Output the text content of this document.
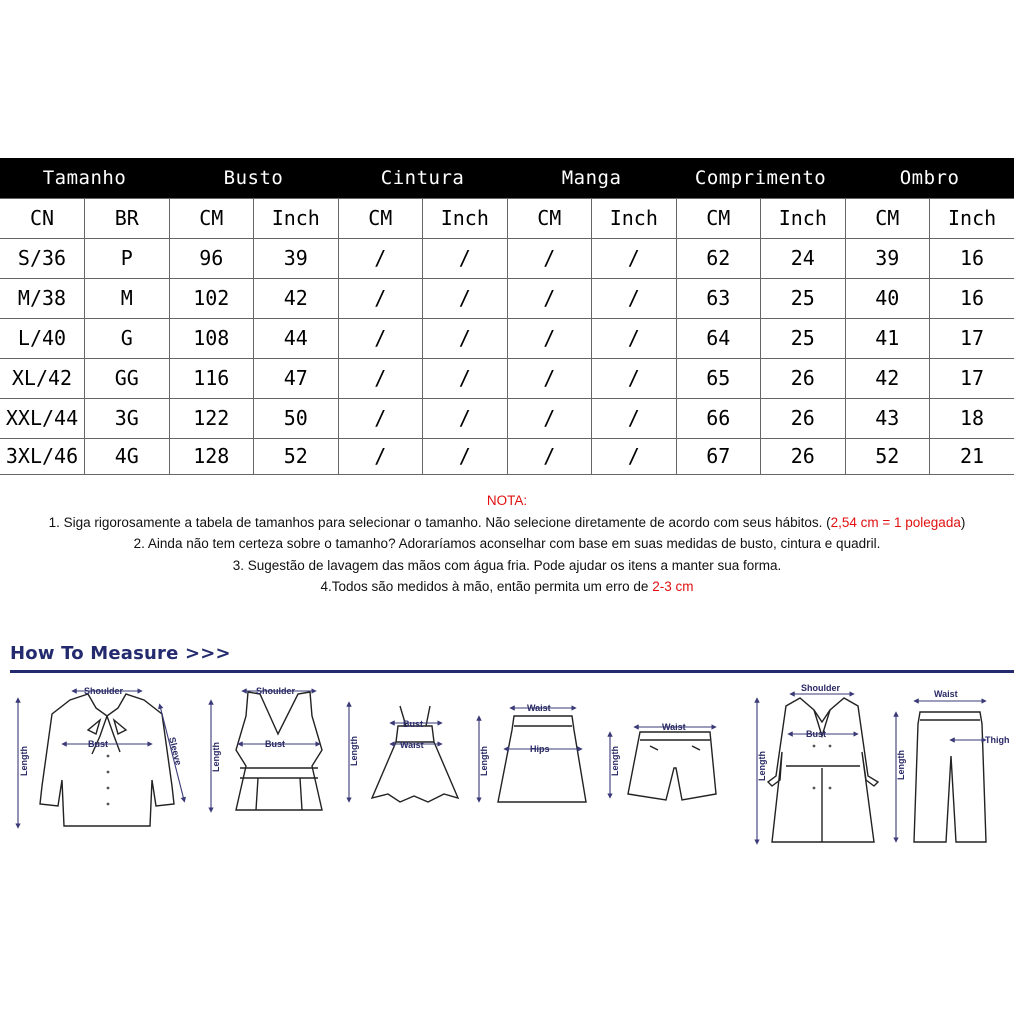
Tamanho		Busto		Cintura		Manga		Comprimento		Ombro	
CN	BR	CM	Inch	CM	Inch	CM	Inch	CM	Inch	CM	Inch
S/36	P	96	39	/	/	/	/	62	24	39	16
M/38	M	102	42	/	/	/	/	63	25	40	16
L/40	G	108	44	/	/	/	/	64	25	41	17
XL/42	GG	116	47	/	/	/	/	65	26	42	17
XXL/44	3G	122	50	/	/	/	/	66	26	43	18
3XL/46	4G	128	52	/	/	/	/	67	26	52	21
NOTA:
1. Siga rigorosamente a tabela de tamanhos para selecionar o tamanho. Não selecione diretamente de acordo com seus hábitos. (2,54 cm = 1 polegada)
2. Ainda não tem certeza sobre o tamanho? Adoraríamos aconselhar com base em suas medidas de busto, cintura e quadril.
3. Sugestão de lavagem das mãos com água fria. Pode ajudar os itens a manter sua forma.
4.Todos são medidos à mão, então permita um erro de 2-3 cm
How To Measure >>>
Shoulder
Bust
Length	Sleeve
Shoulder
Bust
Length
Bust
Waist
Length
Waist
Hips
Length
Waist
Length
Shoulder
Bust
Length
Waist
Thigh
Length
